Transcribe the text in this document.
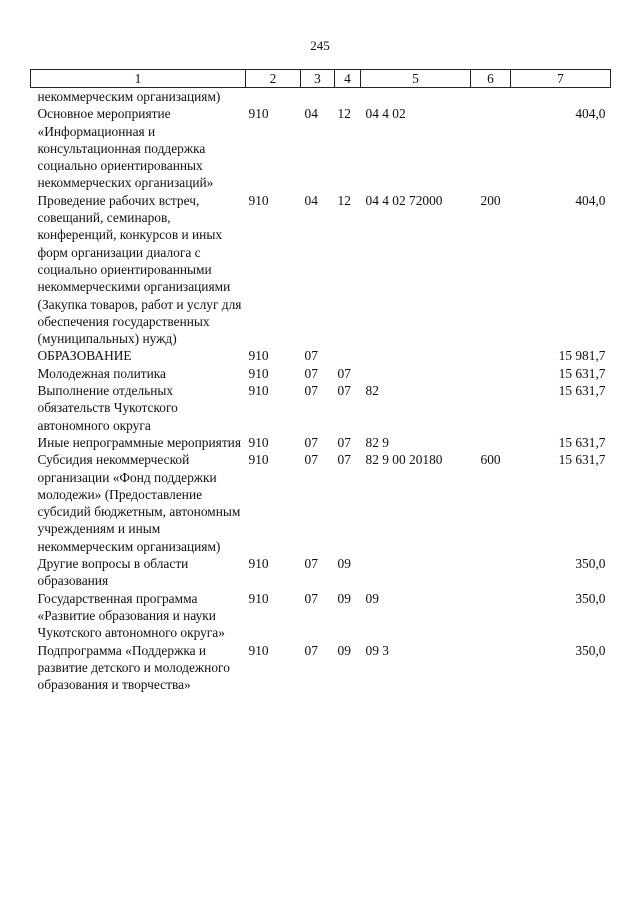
245
1	2	3	4	5	6	7
некоммерческим организациям)						
Основное мероприятие «Информационная и консультационная поддержка социально ориентированных некоммерческих организаций»	910	04	12	04 4 02		404,0
Проведение рабочих встреч, совещаний, семинаров, конференций, конкурсов и иных форм организации диалога с социально ориентированными некоммерческими организациями (Закупка товаров, работ и услуг для обеспечения государственных (муниципальных) нужд)	910	04	12	04 4 02 72000	200	404,0
ОБРАЗОВАНИЕ	910	07				15 981,7
Молодежная политика	910	07	07			15 631,7
Выполнение отдельных обязательств Чукотского автономного округа	910	07	07	82		15 631,7
Иные непрограммные мероприятия	910	07	07	82 9		15 631,7
Субсидия некоммерческой организации «Фонд поддержки молодежи» (Предоставление субсидий бюджетным, автономным учреждениям и иным некоммерческим организациям)	910	07	07	82 9 00 20180	600	15 631,7
Другие вопросы в области образования	910	07	09			350,0
Государственная программа «Развитие образования и науки Чукотского автономного округа»	910	07	09	09		350,0
Подпрограмма «Поддержка и развитие детского и молодежного образования и творчества»	910	07	09	09 3		350,0
